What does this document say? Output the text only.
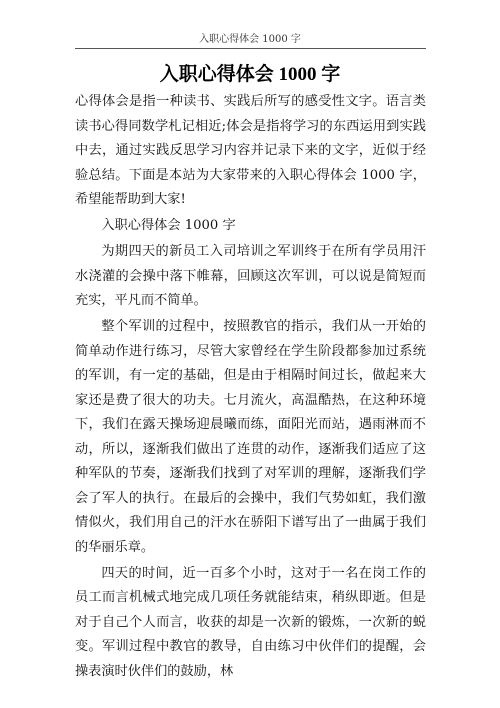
入职心得体会 1000 字
入职心得体会 1000 字

心得体会是指一种读书、实践后所写的感受性文字。语言类读书心得同数学札记相近;体会是指将学习的东西运用到实践中去，通过实践反思学习内容并记录下来的文字，近似于经验总结。下面是本站为大家带来的入职心得体会 1000 字，希望能帮助到大家!

入职心得体会 1000 字

为期四天的新员工入司培训之军训终于在所有学员用汗水浇灌的会操中落下帷幕，回顾这次军训，可以说是简短而充实，平凡而不简单。

整个军训的过程中，按照教官的指示，我们从一开始的简单动作进行练习，尽管大家曾经在学生阶段都参加过系统的军训，有一定的基础，但是由于相隔时间过长，做起来大家还是费了很大的功夫。七月流火，高温酷热，在这种环境下，我们在露天操场迎晨曦而练，面阳光而站，遇雨淋而不动，所以，逐渐我们做出了连贯的动作，逐渐我们适应了这种军队的节奏，逐渐我们找到了对军训的理解，逐渐我们学会了军人的执行。在最后的会操中，我们气势如虹，我们激情似火，我们用自己的汗水在骄阳下谱写出了一曲属于我们的华丽乐章。

四天的时间，近一百多个小时，这对于一名在岗工作的员工而言机械式地完成几项任务就能结束，稍纵即逝。但是对于自己个人而言，收获的却是一次新的锻炼，一次新的蜕变。军训过程中教官的教导，自由练习中伙伴们的提醒，会操表演时伙伴们的鼓励，林
